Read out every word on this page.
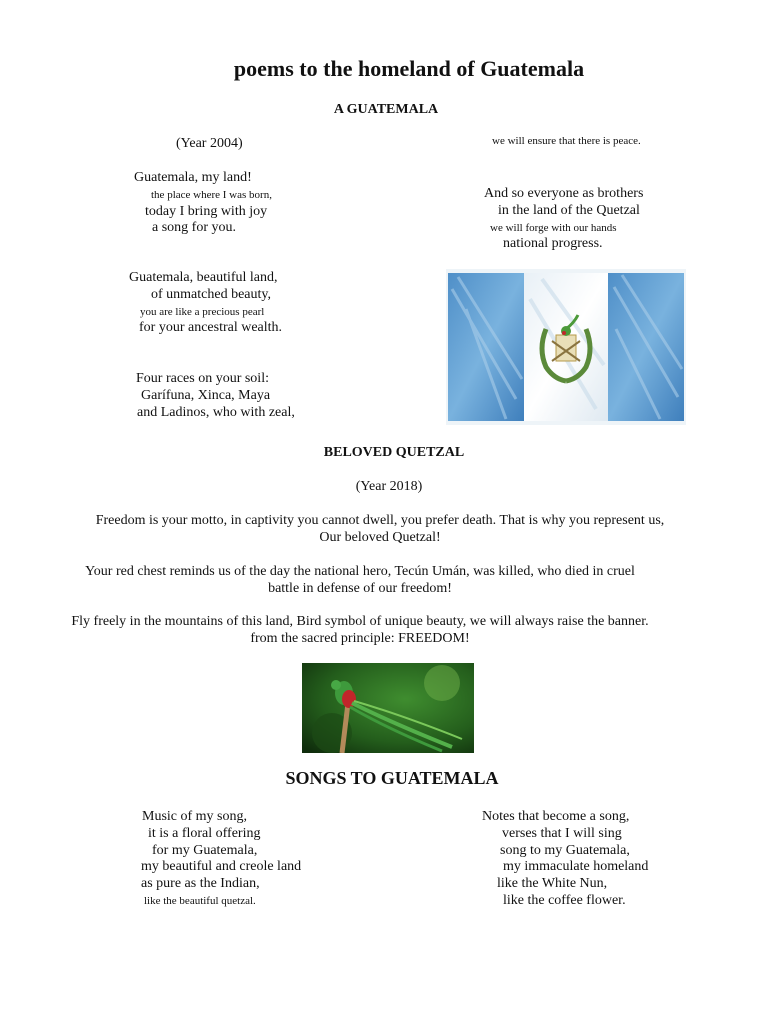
poems to the homeland of Guatemala
A GUATEMALA
(Year 2004)
Guatemala, my land!
the place where I was born,
today I bring with joy
a song for you.
Guatemala, beautiful land,
of unmatched beauty,
you are like a precious pearl
for your ancestral wealth.
Four races on your soil:
Garífuna, Xinca, Maya
and Ladinos, who with zeal,
we will ensure that there is peace.
And so everyone as brothers
in the land of the Quetzal
we will forge with our hands
national progress.
BELOVED QUETZAL
(Year 2018)
Freedom is your motto, in captivity you cannot dwell, you prefer death. That is why you represent us,
Our beloved Quetzal!
Your red chest reminds us of the day the national hero, Tecún Umán, was killed, who died in cruel
battle in defense of our freedom!
Fly freely in the mountains of this land, Bird symbol of unique beauty, we will always raise the banner.
from the sacred principle: FREEDOM!
SONGS TO GUATEMALA
Music of my song,
it is a floral offering
for my Guatemala,
my beautiful and creole land
as pure as the Indian,
like the beautiful quetzal.
Notes that become a song,
verses that I will sing
song to my Guatemala,
my immaculate homeland
like the White Nun,
like the coffee flower.
